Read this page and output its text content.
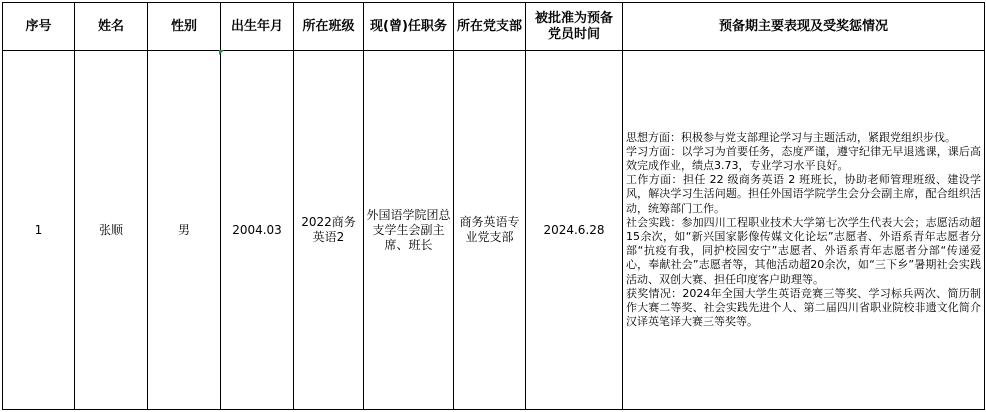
序号	姓名	性别	出生年月	所在班级	现(曾)任职务	所在党支部	被批准为预备
党员时间	预备期主要表现及受奖惩情况

1	张顺	男	2004.03	2022商务英语2	外国语学院团总支学生会副主席、班长	商务英语专业党支部	2024.6.28	思想方面：积极参与党支部理论学习与主题活动，紧跟党组织步伐。
学习方面：以学习为首要任务，态度严谨，遵守纪律无早退逃课，课后高效完成作业，绩点3.73，专业学习水平良好。
工作方面：担任 22 级商务英语 2 班班长，协助老师管理班级、建设学风，解决学习生活问题。担任外国语学院学生会分会副主席，配合组织活动，统筹部门工作。
社会实践：参加四川工程职业技术大学第七次学生代表大会；志愿活动超15余次，如“新兴国家影像传媒文化论坛”志愿者、外语系青年志愿者分部“抗疫有我，同护校园安宁”志愿者、外语系青年志愿者分部“传递爱心，奉献社会”志愿者等，其他活动超20余次，如“三下乡”暑期社会实践活动、双创大赛、担任印度客户助理等。
获奖情况：2024年全国大学生英语竞赛三等奖、学习标兵两次、简历制作大赛二等奖、社会实践先进个人、第二届四川省职业院校非遗文化简介汉译英笔译大赛三等奖等。
